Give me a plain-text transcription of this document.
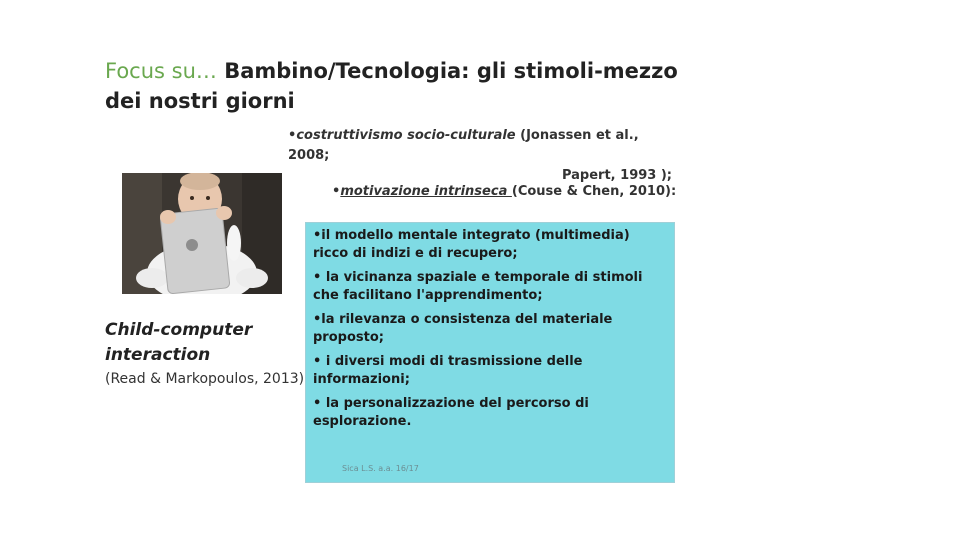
Focus su… Bambino/Tecnologia: gli stimoli-mezzo
dei nostri giorni
•costruttivismo socio-culturale (Jonassen et al., 2008;
Papert, 1993 );
•motivazione intrinseca (Couse & Chen, 2010):
Child-computer
interaction
(Read & Markopoulos, 2013)
•il modello mentale integrato (multimedia) ricco di indizi e di recupero;
• la vicinanza spaziale e temporale di stimoli che facilitano l'apprendimento;
•la rilevanza o consistenza del materiale proposto;
• i diversi modi di trasmissione delle informazioni;
• la personalizzazione del percorso di esplorazione.
Sica L.S. a.a. 16/17
